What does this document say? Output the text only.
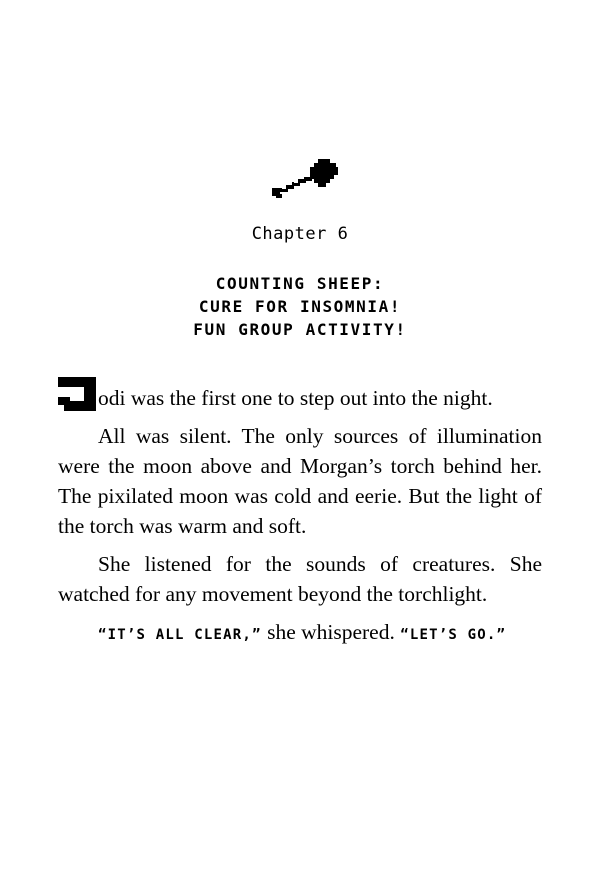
Chapter 6
COUNTING SHEEP:
CURE FOR INSOMNIA!
FUN GROUP ACTIVITY!

odi was the first one to step out into the night.

All was silent. The only sources of illumination were the moon above and Morgan’s torch behind her. The pixilated moon was cold and eerie. But the light of the torch was warm and soft.

She listened for the sounds of creatures. She watched for any movement beyond the torchlight.

“IT’S ALL CLEAR,” she whispered. “LET’S GO.”
